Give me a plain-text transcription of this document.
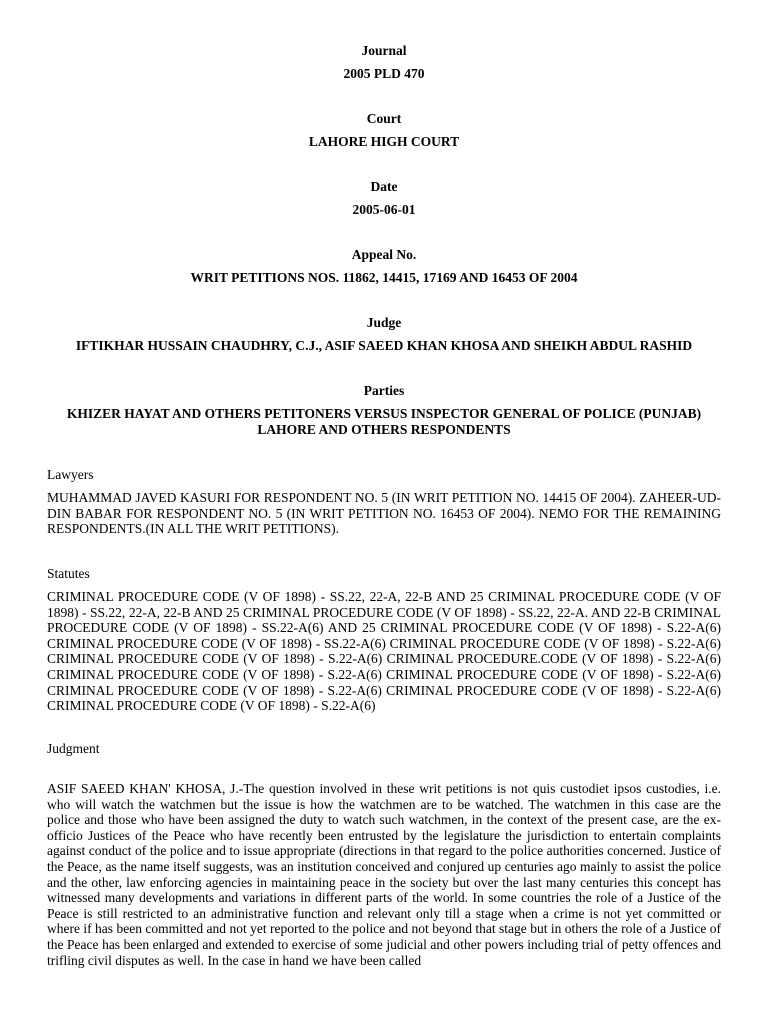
Journal

2005 PLD 470

Court

LAHORE HIGH COURT

Date

2005-06-01

Appeal No.

WRIT PETITIONS NOS. 11862, 14415, 17169 AND 16453 OF 2004

Judge

IFTIKHAR HUSSAIN CHAUDHRY, C.J., ASIF SAEED KHAN KHOSA AND SHEIKH ABDUL RASHID

Parties

KHIZER HAYAT AND OTHERS PETITONERS VERSUS INSPECTOR GENERAL OF POLICE (PUNJAB) LAHORE AND OTHERS RESPONDENTS

Lawyers

MUHAMMAD JAVED KASURI FOR RESPONDENT NO. 5 (IN WRIT PETITION NO. 14415 OF 2004). ZAHEER-UD-DIN BABAR FOR RESPONDENT NO. 5 (IN WRIT PETITION NO. 16453 OF 2004). NEMO FOR THE REMAINING RESPONDENTS.(IN ALL THE WRIT PETITIONS).

Statutes

CRIMINAL PROCEDURE CODE (V OF 1898) - SS.22, 22-A, 22-B AND 25 CRIMINAL PROCEDURE CODE (V OF 1898) - SS.22, 22-A, 22-B AND 25 CRIMINAL PROCEDURE CODE (V OF 1898) - SS.22, 22-A. AND 22-B CRIMINAL PROCEDURE CODE (V OF 1898) - SS.22-A(6) AND 25 CRIMINAL PROCEDURE CODE (V OF 1898) - S.22-A(6) CRIMINAL PROCEDURE CODE (V OF 1898) - SS.22-A(6) CRIMINAL PROCEDURE CODE (V OF 1898) - S.22-A(6) CRIMINAL PROCEDURE CODE (V OF 1898) - S.22-A(6) CRIMINAL PROCEDURE.CODE (V OF 1898) - S.22-A(6) CRIMINAL PROCEDURE CODE (V OF 1898) - S.22-A(6) CRIMINAL PROCEDURE CODE (V OF 1898) - S.22-A(6) CRIMINAL PROCEDURE CODE (V OF 1898) - S.22-A(6) CRIMINAL PROCEDURE CODE (V OF 1898) - S.22-A(6) CRIMINAL PROCEDURE CODE (V OF 1898) - S.22-A(6)

Judgment

ASIF SAEED KHAN' KHOSA, J.-The question involved in these writ petitions is not quis custodiet ipsos custodies, i.e. who will watch the watchmen but the issue is how the watchmen are to be watched. The watchmen in this case are the police and those who have been assigned the duty to watch such watchmen, in the context of the present case, are the ex-officio Justices of the Peace who have recently been entrusted by the legislature the jurisdiction to entertain complaints against conduct of the police and to issue appropriate (directions in that regard to the police authorities concerned. Justice of the Peace, as the name itself suggests, was an institution conceived and conjured up centuries ago mainly to assist the police and the other, law enforcing agencies in maintaining peace in the society but over the last many centuries this concept has witnessed many developments and variations in different parts of the world. In some countries the role of a Justice of the Peace is still restricted to an administrative function and relevant only till a stage when a crime is not yet committed or where if has been committed and not yet reported to the police and not beyond that stage but in others the role of a Justice of the Peace has been enlarged and extended to exercise of some judicial and other powers including trial of petty offences and trifling civil disputes as well. In the case in hand we have been called
